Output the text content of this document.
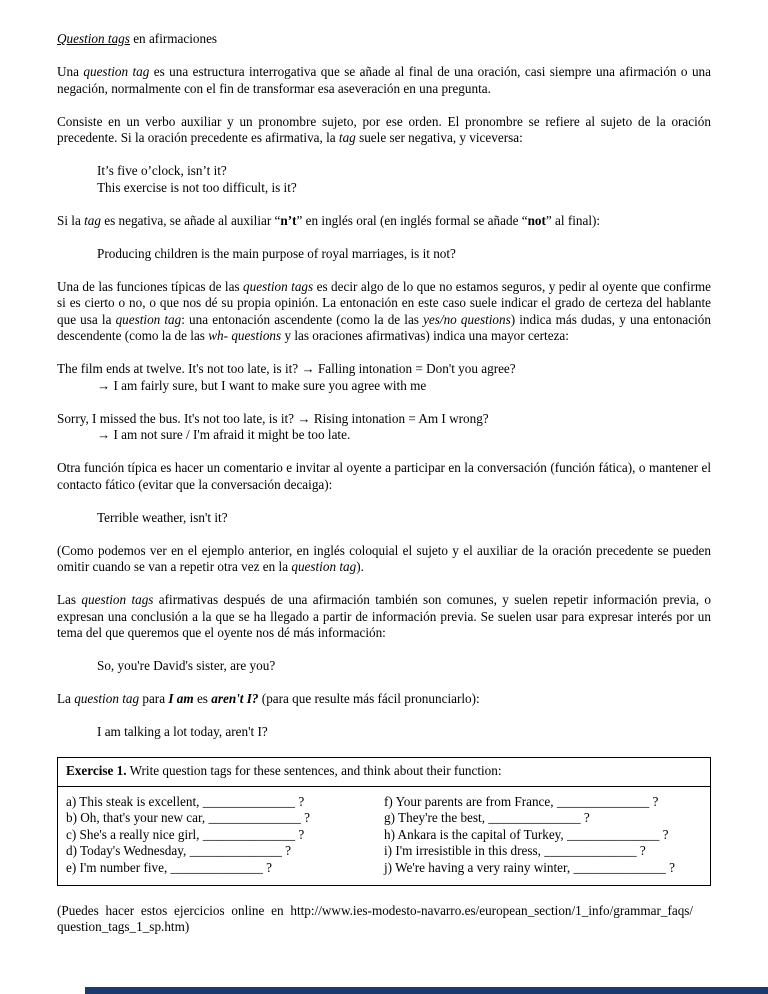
Question tags en afirmaciones

Una question tag es una estructura interrogativa que se añade al final de una oración, casi siempre una afirmación o una negación, normalmente con el fin de transformar esa aseveración en una pregunta.

Consiste en un verbo auxiliar y un pronombre sujeto, por ese orden. El pronombre se refiere al sujeto de la oración precedente. Si la oración precedente es afirmativa, la tag suele ser negativa, y viceversa:

It’s five o’clock, isn’t it?

This exercise is not too difficult, is it?

Si la tag es negativa, se añade al auxiliar “n’t” en inglés oral (en inglés formal se añade “not” al final):

Producing children is the main purpose of royal marriages, is it not?

Una de las funciones típicas de las question tags es decir algo de lo que no estamos seguros, y pedir al oyente que confirme si es cierto o no, o que nos dé su propia opinión. La entonación en este caso suele indicar el grado de certeza del hablante que usa la question tag: una entonación ascendente (como la de las yes/no questions) indica más dudas, y una entonación descendente (como la de las wh- questions y las oraciones afirmativas) indica una mayor certeza:

The film ends at twelve. It's not too late, is it? → Falling intonation = Don't you agree?

→ I am fairly sure, but I want to make sure you agree with me

Sorry, I missed the bus. It's not too late, is it? → Rising intonation = Am I wrong?

→ I am not sure / I'm afraid it might be too late.

Otra función típica es hacer un comentario e invitar al oyente a participar en la conversación (función fática), o mantener el contacto fático (evitar que la conversación decaiga):

Terrible weather, isn't it?

(Como podemos ver en el ejemplo anterior, en inglés coloquial el sujeto y el auxiliar de la oración precedente se pueden omitir cuando se van a repetir otra vez en la question tag).

Las question tags afirmativas después de una afirmación también son comunes, y suelen repetir información previa, o expresan una conclusión a la que se ha llegado a partir de información previa. Se suelen usar para expresar interés por un tema del que queremos que el oyente nos dé más información:

So, you're David's sister, are you?

La question tag para I am es aren't I? (para que resulte más fácil pronunciarlo):

I am talking a lot today, aren't I?

Exercise 1. Write question tags for these sentences, and think about their function:

a) This steak is excellent, ______________ ?

b) Oh, that's your new car, ______________ ?

c) She's a really nice girl, ______________ ?

d) Today's Wednesday, ______________ ?

e) I'm number five, ______________ ?

f) Your parents are from France, ______________ ?

g) They're the best, ______________ ?

h) Ankara is the capital of Turkey, ______________ ?

i) I'm irresistible in this dress, ______________ ?

j) We're having a very rainy winter, ______________ ?

(Puedes hacer estos ejercicios online en http://www.ies-modesto-navarro.es/european_section/1_info/grammar_faqs/

question_tags_1_sp.htm)
